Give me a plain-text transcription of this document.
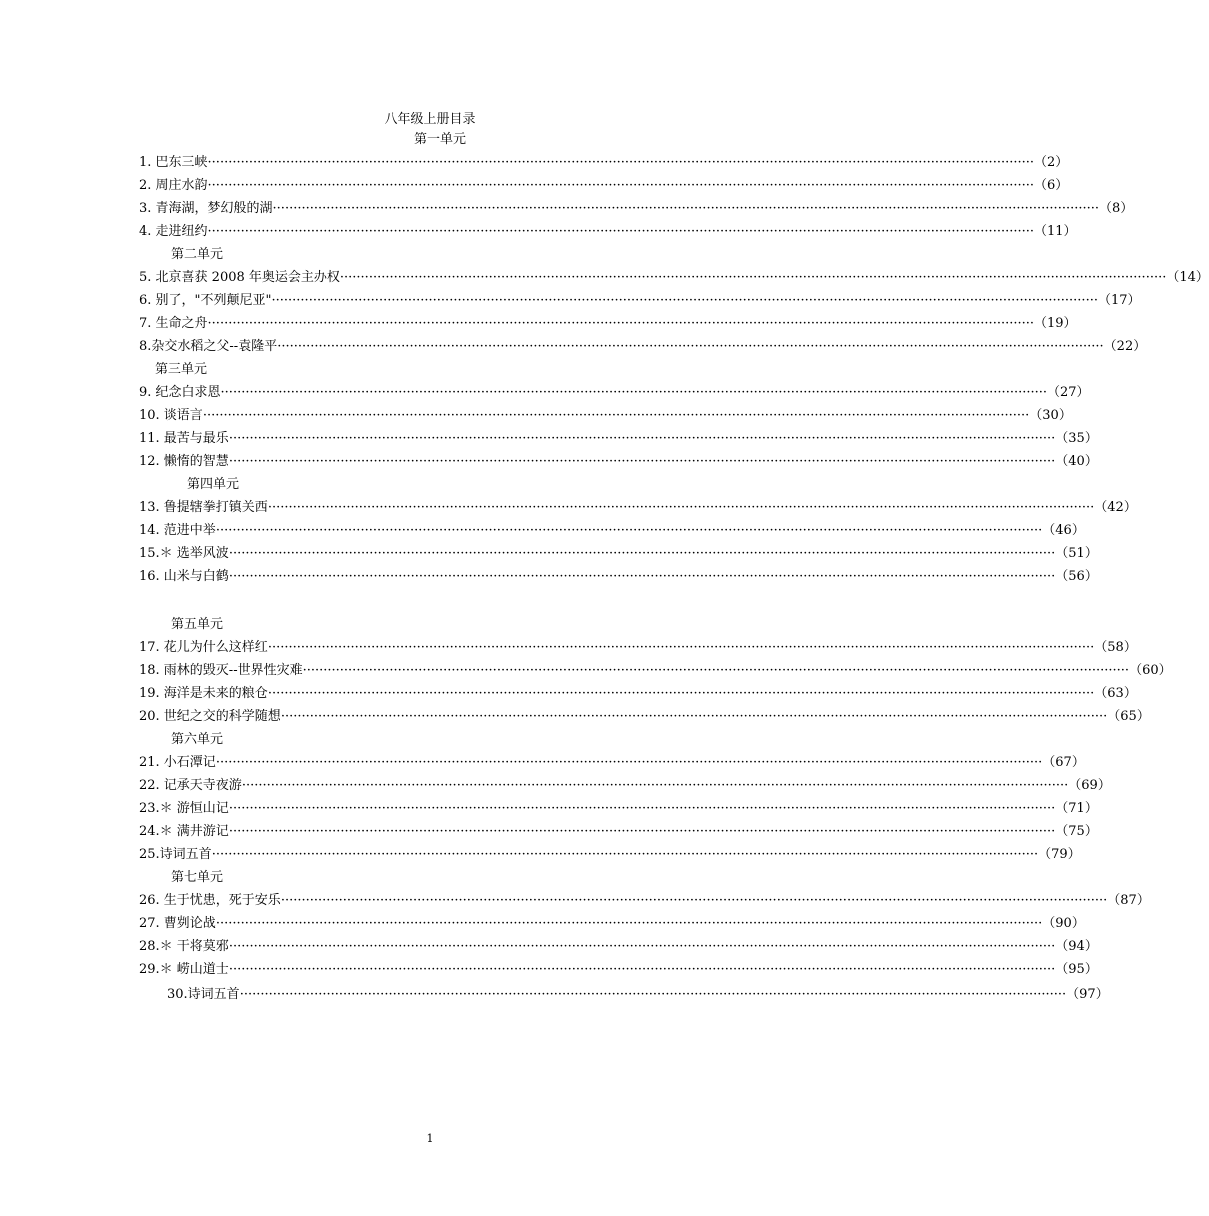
八年级上册目录
第一单元
1. 巴东三峡 ········································································································································································································ （2）
2. 周庄水韵 ········································································································································································································ （6）
3. 青海湖，梦幻般的湖 ········································································································································································································ （8）
4. 走进纽约 ········································································································································································································ （11）
第二单元
5. 北京喜获 2008 年奥运会主办权 ········································································································································································································ （14）
6. 别了，"不列颠尼亚" ········································································································································································································ （17）
7. 生命之舟 ········································································································································································································ （19）
8.杂交水稻之父--袁隆平 ········································································································································································································ （22）
第三单元
9. 纪念白求恩 ········································································································································································································ （27）
10. 谈语言 ········································································································································································································ （30）
11. 最苦与最乐 ········································································································································································································ （35）
12. 懒惰的智慧 ········································································································································································································ （40）
第四单元
13. 鲁提辖拳打镇关西 ········································································································································································································ （42）
14. 范进中举 ········································································································································································································ （46）
15.＊ 选举风波 ········································································································································································································ （51）
16. 山米与白鹤 ········································································································································································································ （56）
第五单元
17. 花儿为什么这样红 ········································································································································································································ （58）
18. 雨林的毁灭--世界性灾难 ········································································································································································································ （60）
19. 海洋是未来的粮仓 ········································································································································································································ （63）
20. 世纪之交的科学随想 ········································································································································································································ （65）
第六单元
21. 小石潭记 ········································································································································································································ （67）
22. 记承天寺夜游 ········································································································································································································ （69）
23.＊ 游恒山记 ········································································································································································································ （71）
24.＊ 满井游记 ········································································································································································································ （75）
25.诗词五首 ········································································································································································································ （79）
第七单元
26. 生于忧患，死于安乐 ········································································································································································································ （87）
27. 曹刿论战 ········································································································································································································ （90）
28.＊ 干将莫邪 ········································································································································································································ （94）
29.＊ 崂山道士 ········································································································································································································ （95）
30.诗词五首 ········································································································································································································ （97）
1
